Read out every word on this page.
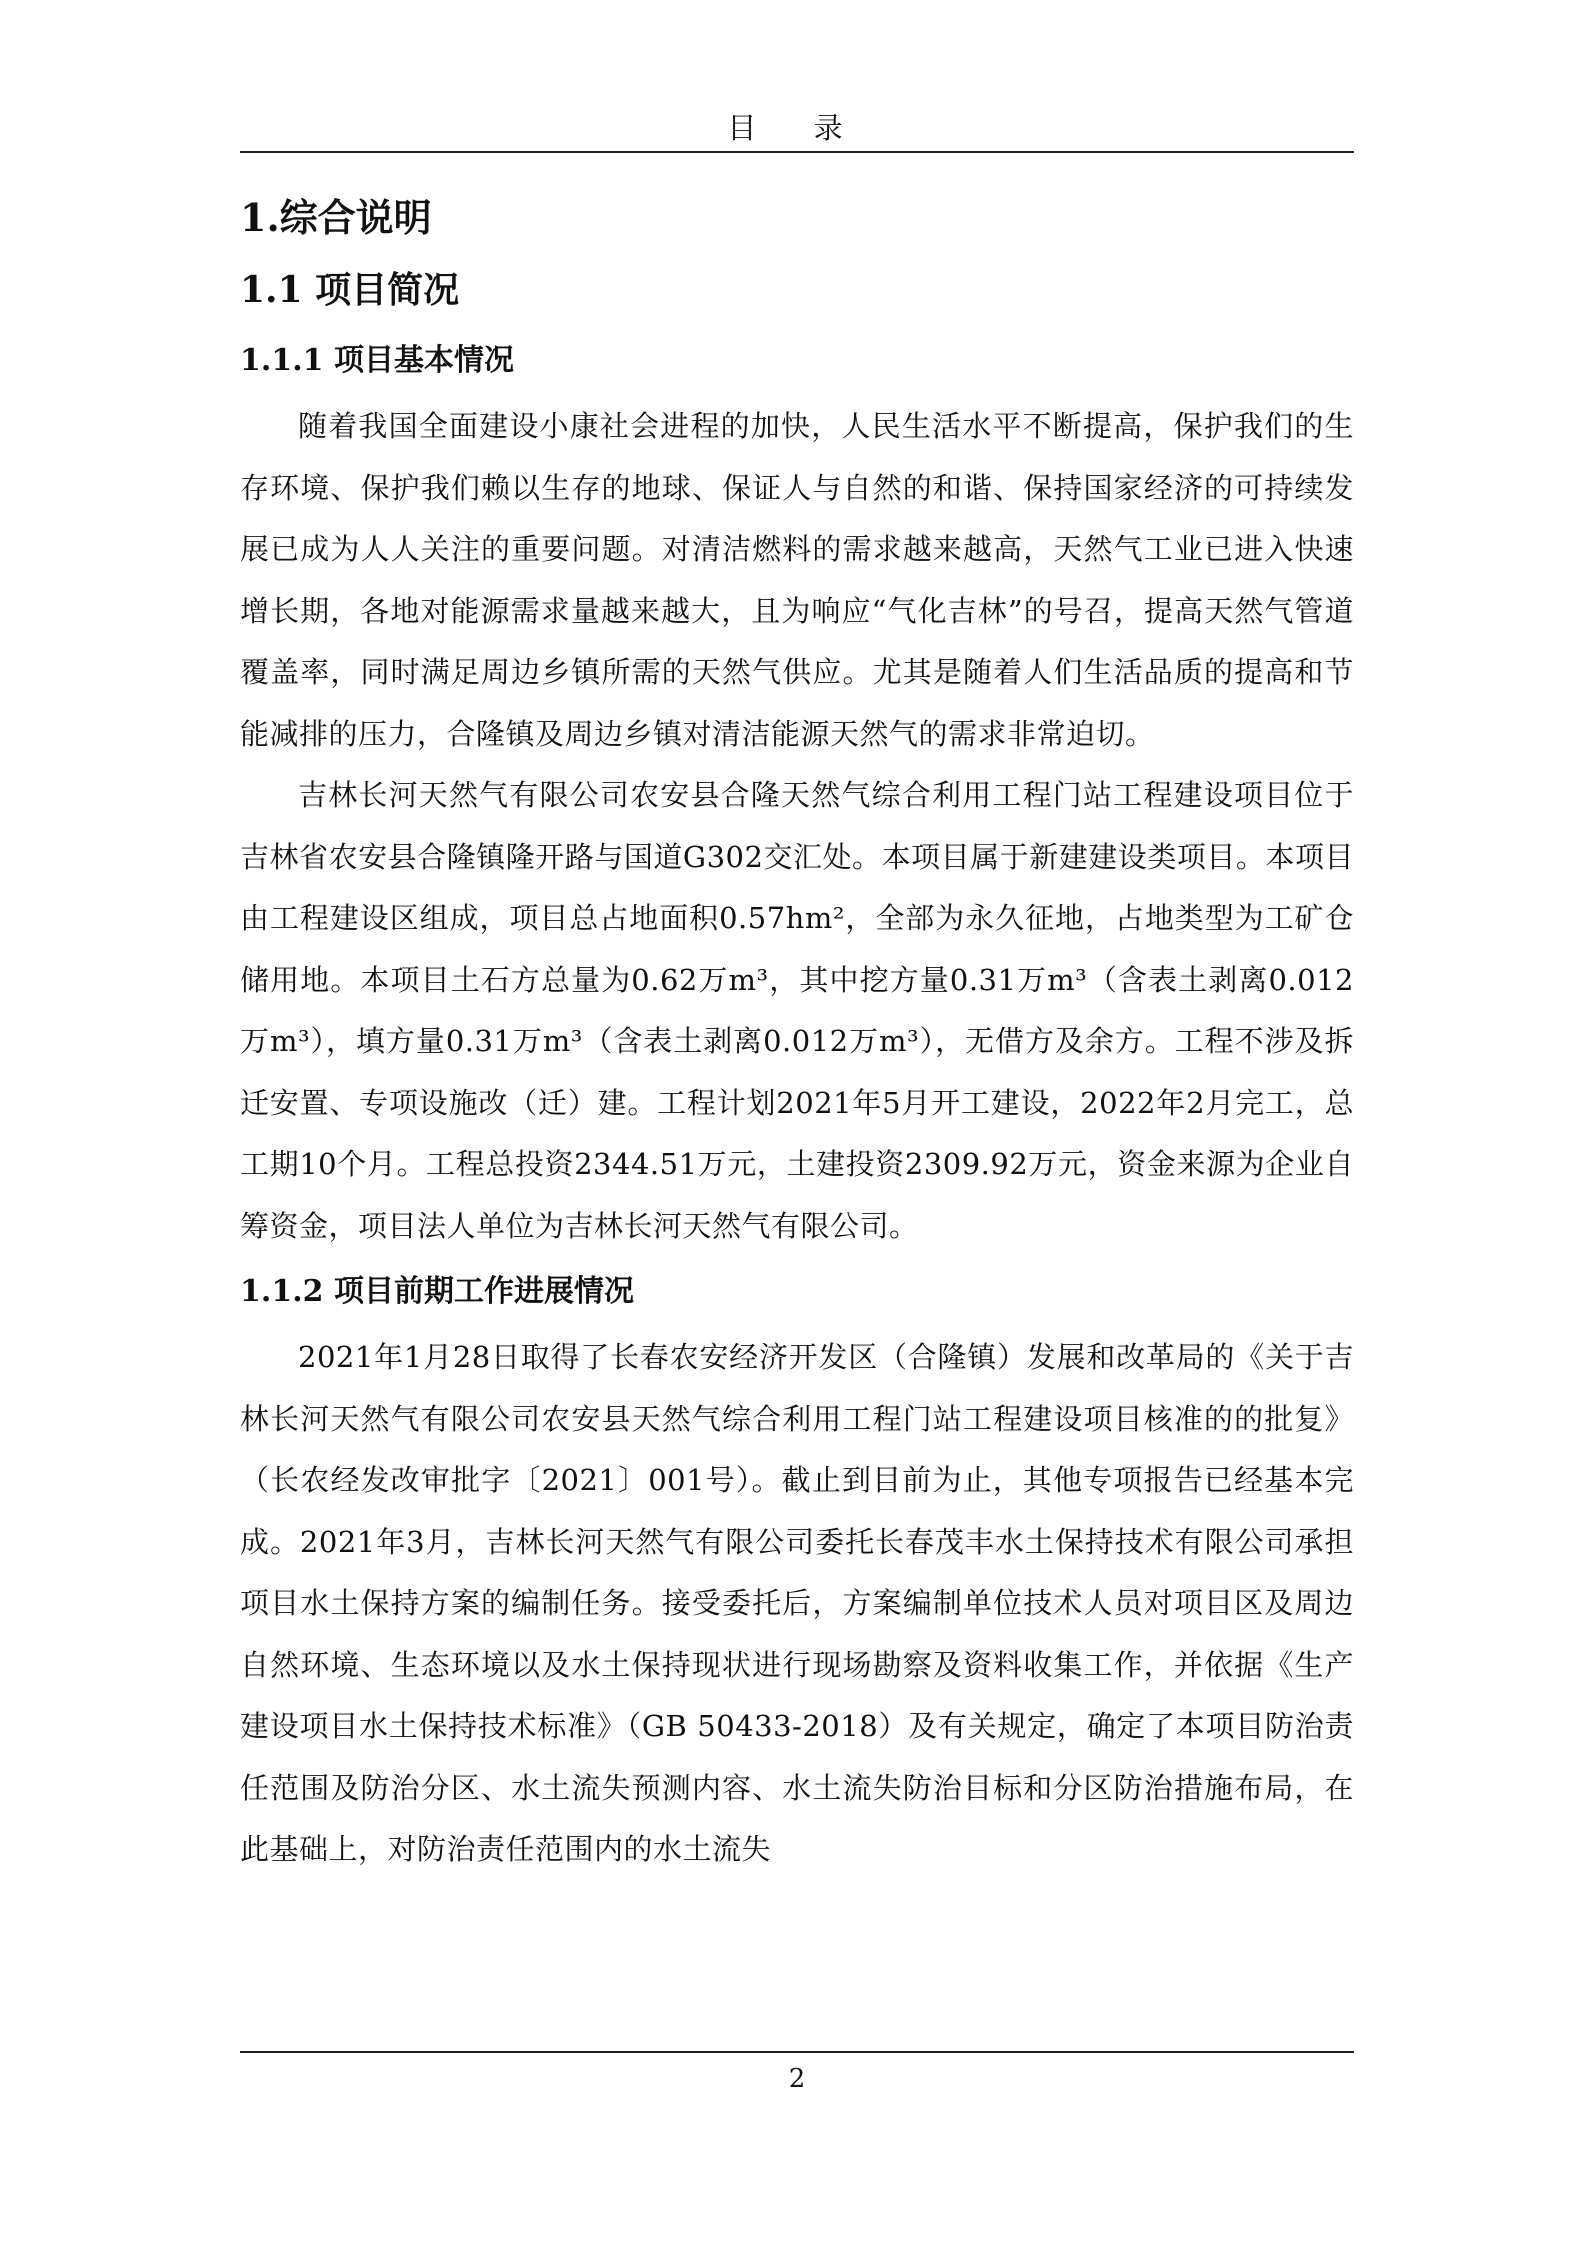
目 录
1.综合说明
1.1 项目简况
1.1.1 项目基本情况

随着我国全面建设小康社会进程的加快，人民生活水平不断提高，保护我们的生存环境、保护我们赖以生存的地球、保证人与自然的和谐、保持国家经济的可持续发展已成为人人关注的重要问题。对清洁燃料的需求越来越高，天然气工业已进入快速增长期，各地对能源需求量越来越大，且为响应“气化吉林”的号召，提高天然气管道覆盖率，同时满足周边乡镇所需的天然气供应。尤其是随着人们生活品质的提高和节能减排的压力，合隆镇及周边乡镇对清洁能源天然气的需求非常迫切。

吉林长河天然气有限公司农安县合隆天然气综合利用工程门站工程建设项目位于吉林省农安县合隆镇隆开路与国道G302交汇处。本项目属于新建建设类项目。本项目由工程建设区组成，项目总占地面积0.57hm²，全部为永久征地，占地类型为工矿仓储用地。本项目土石方总量为0.62万m³，其中挖方量0.31万m³（含表土剥离0.012万m³），填方量0.31万m³（含表土剥离0.012万m³），无借方及余方。工程不涉及拆迁安置、专项设施改（迁）建。工程计划2021年5月开工建设，2022年2月完工，总工期10个月。工程总投资2344.51万元，土建投资2309.92万元，资金来源为企业自筹资金，项目法人单位为吉林长河天然气有限公司。

1.1.2 项目前期工作进展情况

2021年1月28日取得了长春农安经济开发区（合隆镇）发展和改革局的《关于吉林长河天然气有限公司农安县天然气综合利用工程门站工程建设项目核准的的批复》（长农经发改审批字〔2021〕001号）。截止到目前为止，其他专项报告已经基本完成。2021年3月，吉林长河天然气有限公司委托长春茂丰水土保持技术有限公司承担项目水土保持方案的编制任务。接受委托后，方案编制单位技术人员对项目区及周边自然环境、生态环境以及水土保持现状进行现场勘察及资料收集工作，并依据《生产建设项目水土保持技术标准》（GB 50433-2018）及有关规定，确定了本项目防治责任范围及防治分区、水土流失预测内容、水土流失防治目标和分区防治措施布局，在此基础上，对防治责任范围内的水土流失

2
